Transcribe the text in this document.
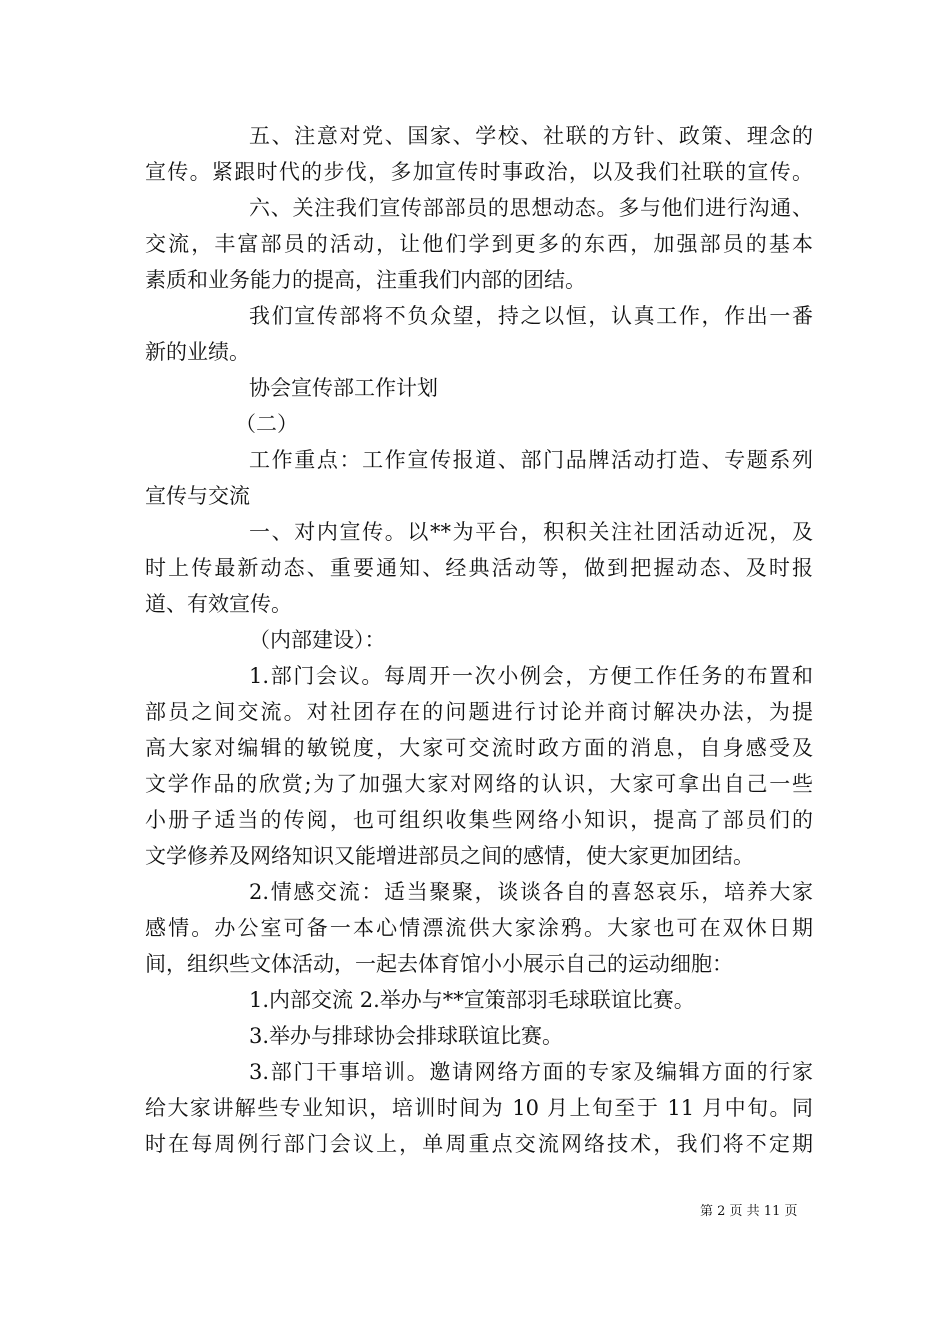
五、注意对党、国家、学校、社联的方针、政策、理念的
宣传。紧跟时代的步伐，多加宣传时事政治，以及我们社联的宣传。
六、关注我们宣传部部员的思想动态。多与他们进行沟通、
交流，丰富部员的活动，让他们学到更多的东西，加强部员的基本
素质和业务能力的提高，注重我们内部的团结。
我们宣传部将不负众望，持之以恒，认真工作，作出一番
新的业绩。
协会宣传部工作计划
（二）
工作重点：工作宣传报道、部门品牌活动打造、专题系列
宣传与交流
一、对内宣传。以**为平台，积积关注社团活动近况，及
时上传最新动态、重要通知、经典活动等，做到把握动态、及时报
道、有效宣传。
（内部建设）：
1.部门会议。每周开一次小例会，方便工作任务的布置和
部员之间交流。对社团存在的问题进行讨论并商讨解决办法，为提
高大家对编辑的敏锐度，大家可交流时政方面的消息，自身感受及
文学作品的欣赏;为了加强大家对网络的认识，大家可拿出自己一些
小册子适当的传阅，也可组织收集些网络小知识，提高了部员们的
文学修养及网络知识又能增进部员之间的感情，使大家更加团结。
2.情感交流：适当聚聚，谈谈各自的喜怒哀乐，培养大家
感情。办公室可备一本心情漂流供大家涂鸦。大家也可在双休日期
间，组织些文体活动，一起去体育馆小小展示自己的运动细胞：
1.内部交流 2.举办与**宣策部羽毛球联谊比赛。
3.举办与排球协会排球联谊比赛。
3.部门干事培训。邀请网络方面的专家及编辑方面的行家
给大家讲解些专业知识，培训时间为 10 月上旬至于 11 月中旬。同
时在每周例行部门会议上，单周重点交流网络技术，我们将不定期
第 2 页 共 11 页
